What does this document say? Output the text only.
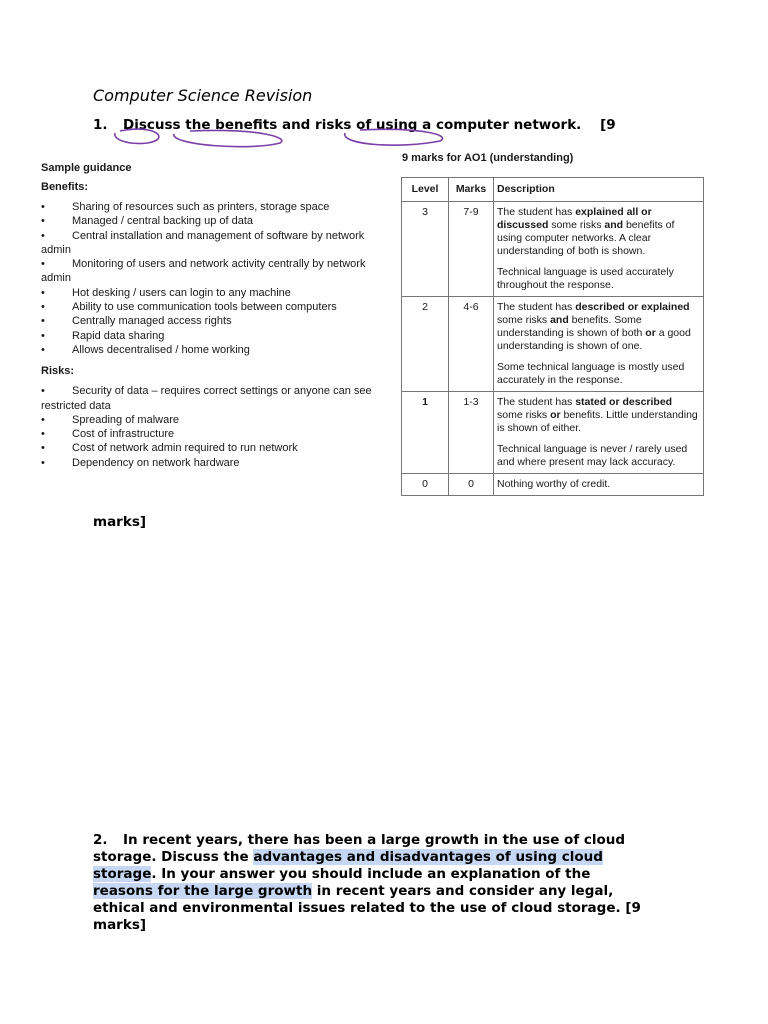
Computer Science Revision
1. Discuss the benefits and risks of using a computer network. [9
Sample guidance
Benefits:
• Sharing of resources such as printers, storage space
• Managed / central backing up of data
• Central installation and management of software by network admin
• Monitoring of users and network activity centrally by network admin
• Hot desking / users can login to any machine
• Ability to use communication tools between computers
• Centrally managed access rights
• Rapid data sharing
• Allows decentralised / home working
Risks:
• Security of data – requires correct settings or anyone can see restricted data
• Spreading of malware
• Cost of infrastructure
• Cost of network admin required to run network
• Dependency on network hardware
9 marks for AO1 (understanding)
Level	Marks	Description
3	7-9	The student has explained all or discussed some risks and benefits of using computer networks. A clear understanding of both is shown.

Technical language is used accurately throughout the response.

2	4-6	The student has described or explained some risks and benefits. Some understanding is shown of both or a good understanding is shown of one.

Some technical language is mostly used accurately in the response.

1	1-3	The student has stated or described some risks or benefits. Little understanding is shown of either.

Technical language is never / rarely used and where present may lack accuracy.

0	0	Nothing worthy of credit.

marks]
2. In recent years, there has been a large growth in the use of cloud storage. Discuss the advantages and disadvantages of using cloud storage. In your answer you should include an explanation of the reasons for the large growth in recent years and consider any legal, ethical and environmental issues related to the use of cloud storage. [9 marks]
